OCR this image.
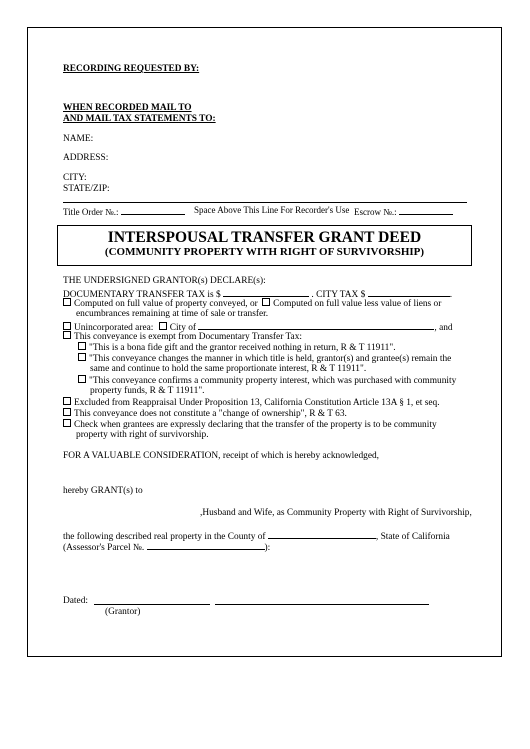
RECORDING REQUESTED BY:
WHEN RECORDED MAIL TO
AND MAIL TAX STATEMENTS TO:
NAME:
ADDRESS:
CITY:
STATE/ZIP:
Title Order №.:	Space Above This Line For Recorder's Use Escrow №.:
INTERSPOUSAL TRANSFER GRANT DEED
(COMMUNITY PROPERTY WITH RIGHT OF SURVIVORSHIP)
THE UNDERSIGNED GRANTOR(s) DECLARE(s):
DOCUMENTARY TRANSFER TAX is $	. CITY TAX $	.
Computed on full value of property conveyed, or Computed on full value less value of liens or
encumbrances remaining at time of sale or transfer.
Unincorporated area: City of	, and
This conveyance is exempt from Documentary Transfer Tax:
"This is a bona fide gift and the grantor received nothing in return, R & T 11911".
"This conveyance changes the manner in which title is held, grantor(s) and grantee(s) remain the
same and continue to hold the same proportionate interest, R & T 11911".
"This conveyance confirms a community property interest, which was purchased with community
property funds, R & T 11911".
Excluded from Reappraisal Under Proposition 13, California Constitution Article 13A § 1, et seq.
This conveyance does not constitute a "change of ownership", R & T 63.
Check when grantees are expressly declaring that the transfer of the property is to be community
property with right of survivorship.
FOR A VALUABLE CONSIDERATION, receipt of which is hereby acknowledged,
hereby GRANT(s) to
,Husband and Wife, as Community Property with Right of Survivorship,
the following described real property in the County of	, State of California
(Assessor's Parcel №.	):
Dated:
(Grantor)
